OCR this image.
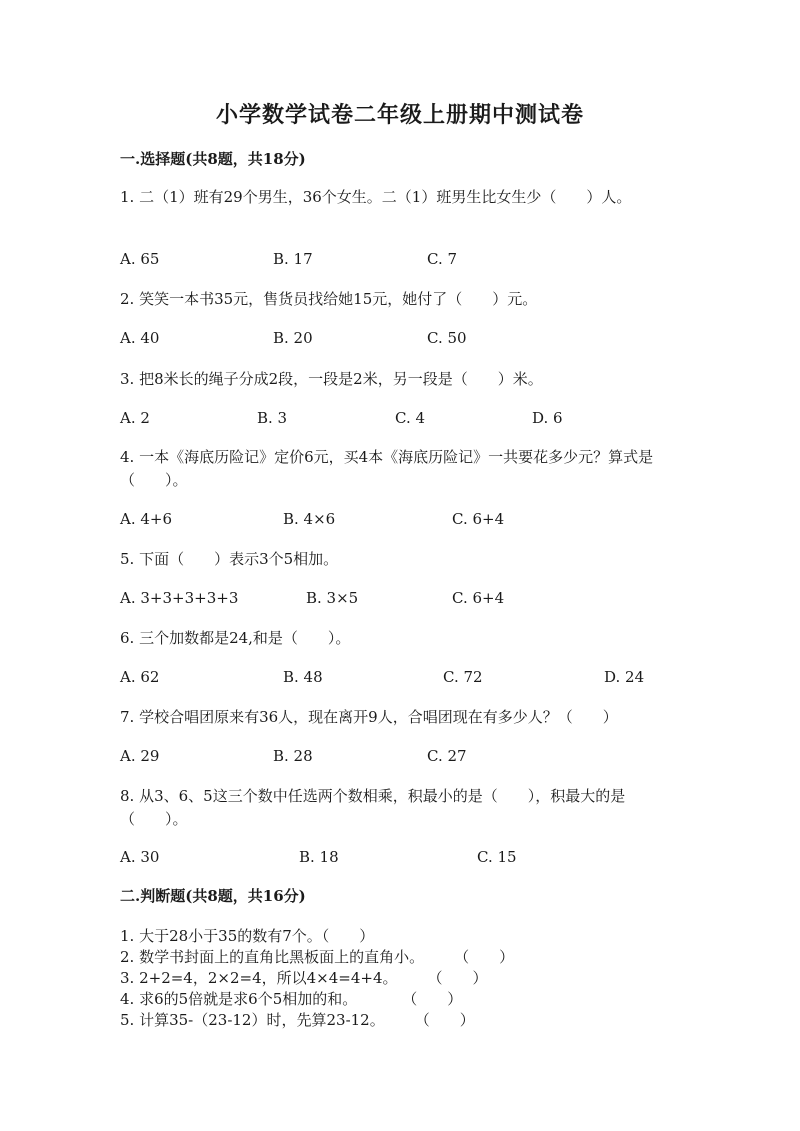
小学数学试卷二年级上册期中测试卷
一.选择题(共8题，共18分)
1. 二（1）班有29个男生，36个女生。二（1）班男生比女生少（　　）人。
A. 65	B. 17	C. 7
2. 笑笑一本书35元，售货员找给她15元，她付了（　　）元。
A. 40	B. 20	C. 50
3. 把8米长的绳子分成2段，一段是2米，另一段是（　　）米。
A. 2	B. 3	C. 4	D. 6
4. 一本《海底历险记》定价6元，买4本《海底历险记》一共要花多少元？算式是（　　）。
A. 4+6	B. 4×6	C. 6+4
5. 下面（　　）表示3个5相加。
A. 3+3+3+3+3	B. 3×5	C. 6+4
6. 三个加数都是24,和是（　　）。
A. 62	B. 48	C. 72	D. 24
7. 学校合唱团原来有36人，现在离开9人，合唱团现在有多少人？（　　）
A. 29	B. 28	C. 27
8. 从3、6、5这三个数中任选两个数相乘，积最小的是（　　），积最大的是（　　）。
A. 30	B. 18	C. 15
二.判断题(共8题，共16分)
1. 大于28小于35的数有7个。（　　）
2. 数学书封面上的直角比黑板面上的直角小。　　　（　　）
3. 2+2=4，2×2=4，所以4×4=4+4。　　　（　　）
4. 求6的5倍就是求6个5相加的和。　　　　（　　）
5. 计算35-（23-12）时，先算23-12。　　　（　　）
